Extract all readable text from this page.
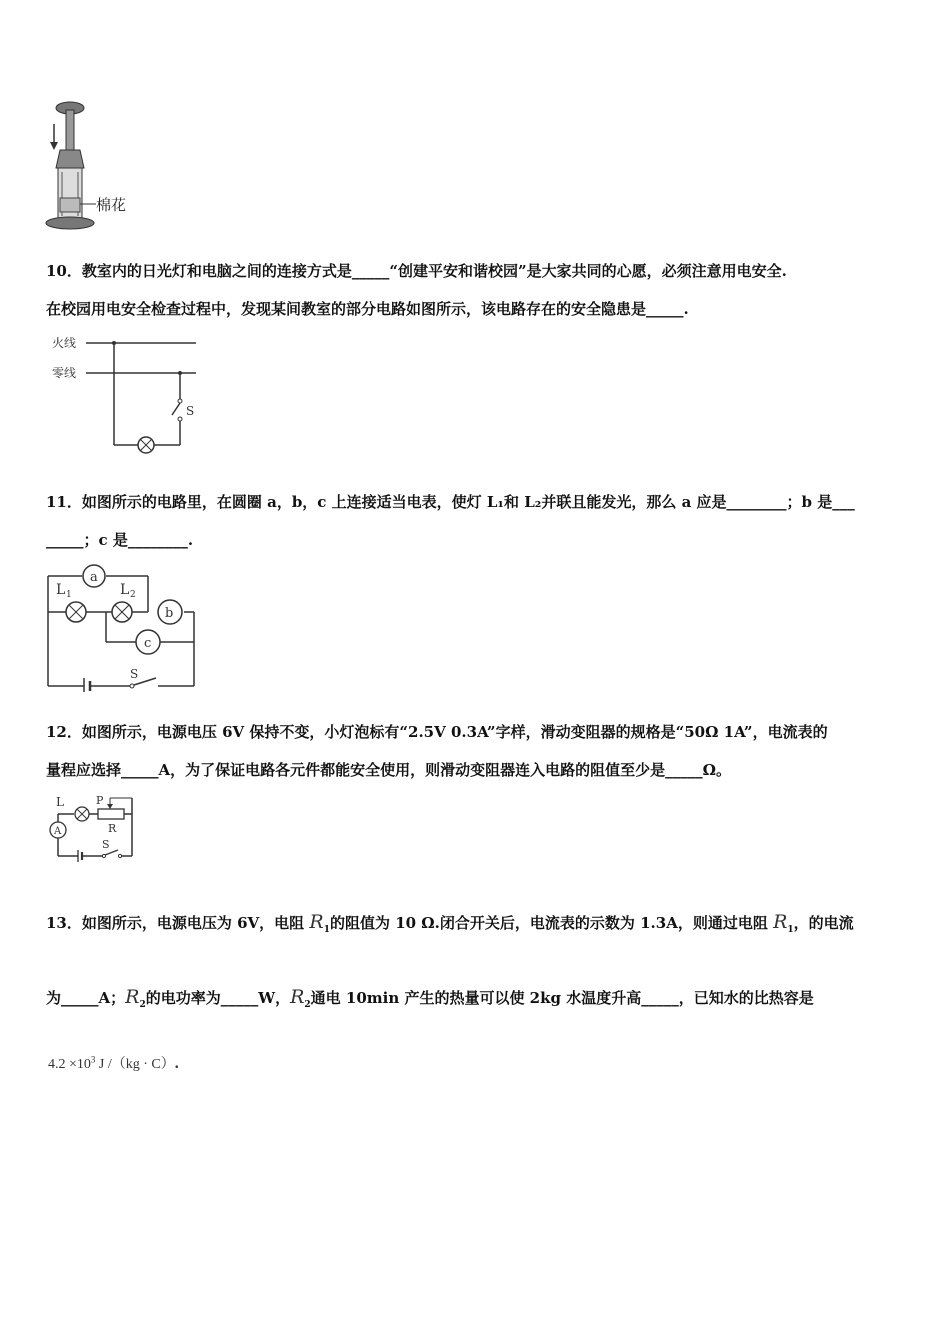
棉花
10．教室内的日光灯和电脑之间的连接方式是_____“创建平安和谐校园”是大家共同的心愿，必须注意用电安全.
在校园用电安全检查过程中，发现某间教室的部分电路如图所示，该电路存在的安全隐患是_____.
火线
零线
S
11．如图所示的电路里，在圆圈 a，b，c 上连接适当电表，使灯 L₁和 L₂并联且能发光，那么 a 应是________；b 是___
_____；c 是________.
a
L 1	L 2
b
c
S
12．如图所示，电源电压 6V 保持不变，小灯泡标有“2.5V 0.3A”字样，滑动变阻器的规格是“50Ω 1A”，电流表的
量程应选择_____A，为了保证电路各元件都能安全使用，则滑动变阻器连入电路的阻值至少是_____Ω。
L	P
R
A
S
13．如图所示，电源电压为 6V，电阻 $R_1$的阻值为 10 Ω.闭合开关后，电流表的示数为 1.3A，则通过电阻 $R_1$，的电流
为_____A；$R_2$的电功率为_____W，$R_2$通电 10min 产生的热量可以使 2kg 水温度升高_____，已知水的比热容是
$4.2 \times 10^3$ J /（kg · C）.
